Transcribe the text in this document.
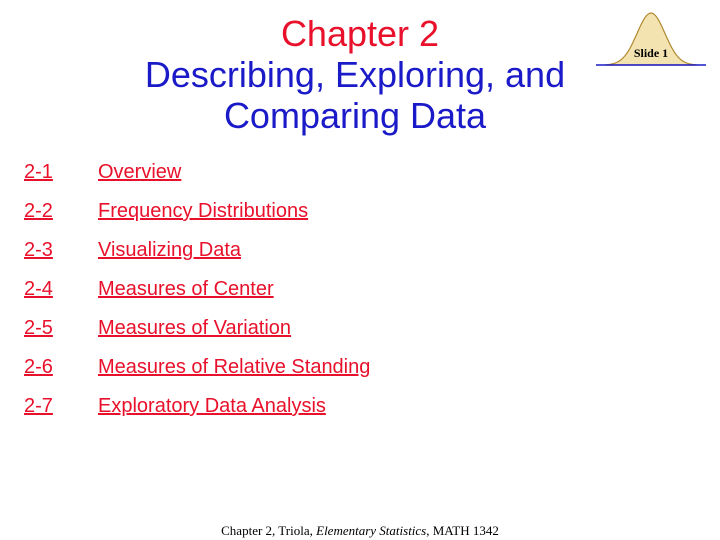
Chapter 2
Describing, Exploring, and
Comparing Data
Slide 1
2-1 Overview
2-2 Frequency Distributions
2-3 Visualizing Data
2-4 Measures of Center
2-5 Measures of Variation
2-6 Measures of Relative Standing
2-7 Exploratory Data Analysis
Chapter 2, Triola, Elementary Statistics, MATH 1342
